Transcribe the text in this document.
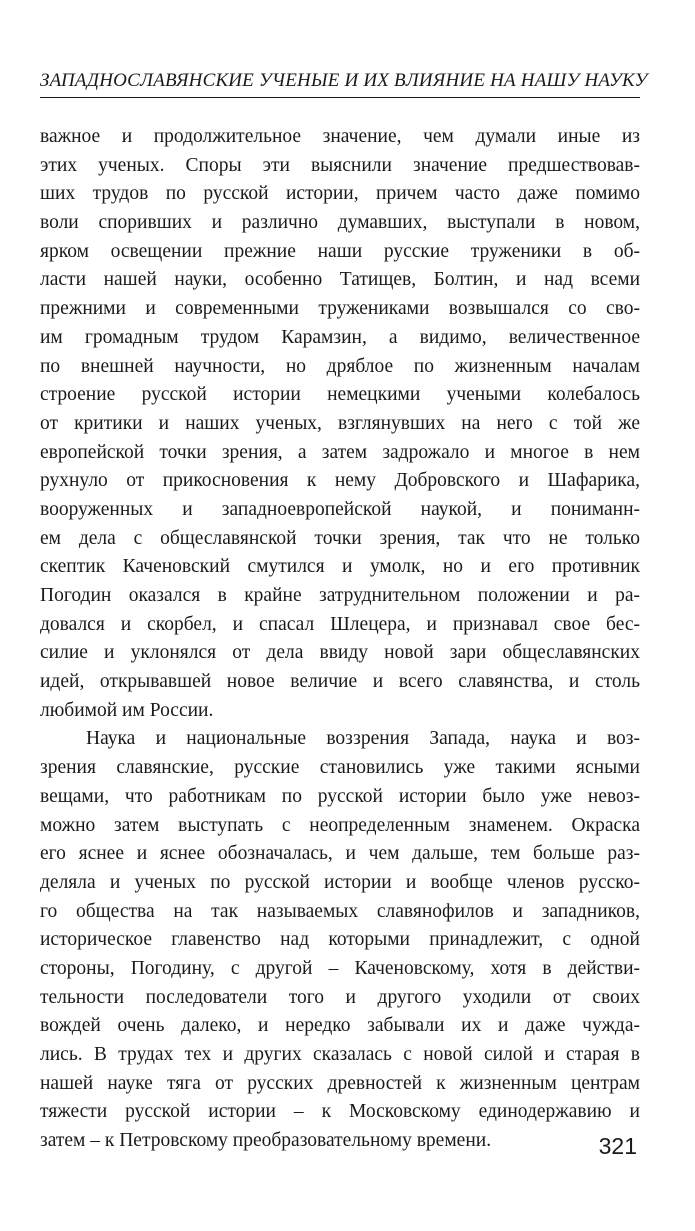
ЗАПАДНОСЛАВЯНСКИЕ УЧЕНЫЕ И ИХ ВЛИЯНИЕ НА НАШУ НАУКУ
важное и продолжительное значение, чем думали иные из
этих ученых. Споры эти выяснили значение предшествовав-
ших трудов по русской истории, причем часто даже помимо
воли споривших и различно думавших, выступали в новом,
ярком освещении прежние наши русские труженики в об-
ласти нашей науки, особенно Татищев, Болтин, и над всеми
прежними и современными тружениками возвышался со сво-
им громадным трудом Карамзин, а видимо, величественное
по внешней научности, но дряблое по жизненным началам
строение русской истории немецкими учеными колебалось
от критики и наших ученых, взглянувших на него с той же
европейской точки зрения, а затем задрожало и многое в нем
рухнуло от прикосновения к нему Добровского и Шафарика,
вооруженных и западноевропейской наукой, и пониманн-
ем дела с общеславянской точки зрения, так что не только
скептик Каченовский смутился и умолк, но и его противник
Погодин оказался в крайне затруднительном положении и ра-
довался и скорбел, и спасал Шлецера, и признавал свое бес-
силие и уклонялся от дела ввиду новой зари общеславянских
идей, открывавшей новое величие и всего славянства, и столь
любимой им России.
Наука и национальные воззрения Запада, наука и воз-
зрения славянские, русские становились уже такими ясными
вещами, что работникам по русской истории было уже невоз-
можно затем выступать с неопределенным знаменем. Окраска
его яснее и яснее обозначалась, и чем дальше, тем больше раз-
деляла и ученых по русской истории и вообще членов русско-
го общества на так называемых славянофилов и западников,
историческое главенство над которыми принадлежит, с одной
стороны, Погодину, с другой – Каченовскому, хотя в действи-
тельности последователи того и другого уходили от своих
вождей очень далеко, и нередко забывали их и даже чужда-
лись. В трудах тех и других сказалась с новой силой и старая в
нашей науке тяга от русских древностей к жизненным центрам
тяжести русской истории – к Московскому единодержавию и
затем – к Петровскому преобразовательному времени.	321
